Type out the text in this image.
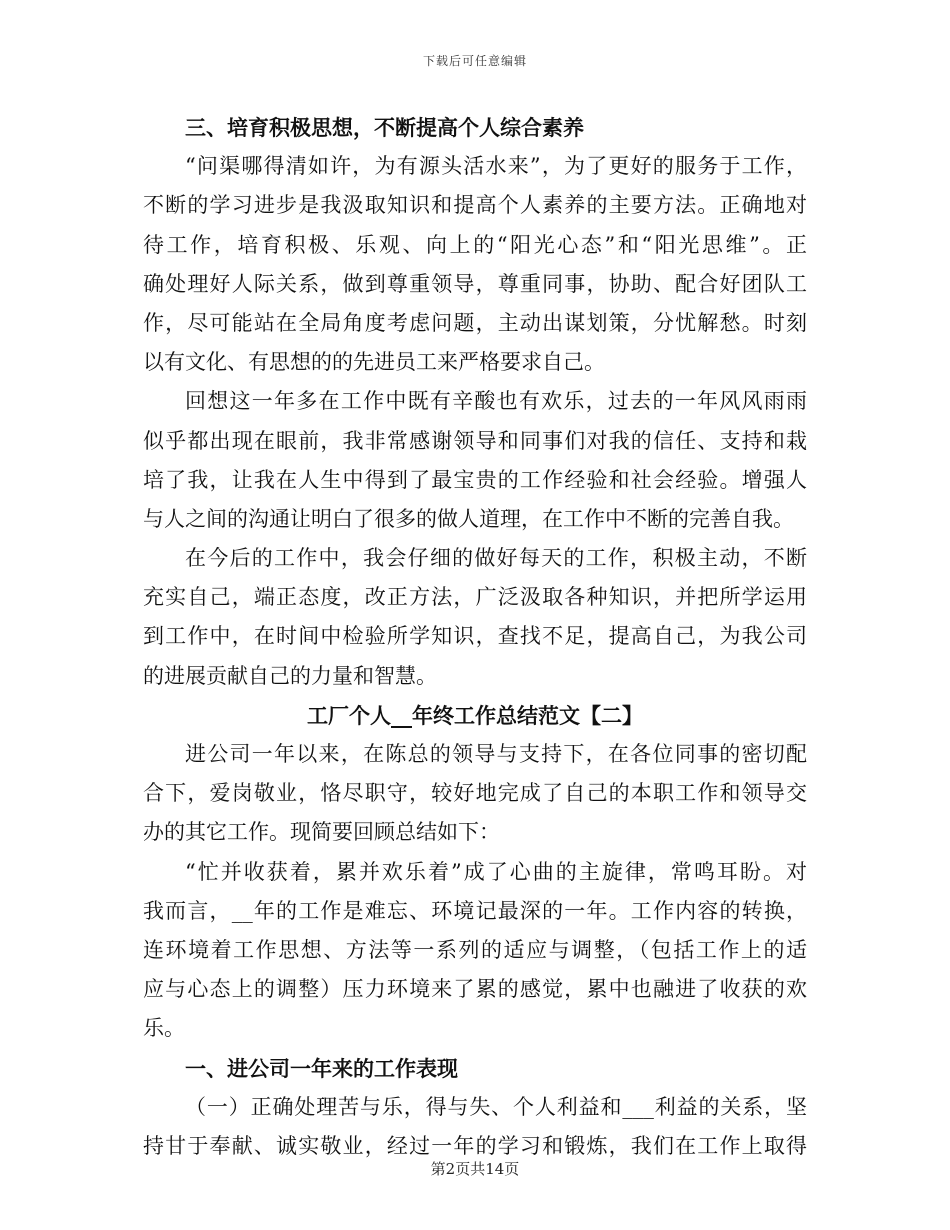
下载后可任意编辑
三、培育积极思想，不断提高个人综合素养
“问渠哪得清如许，为有源头活水来”，为了更好的服务于工作，
不断的学习进步是我汲取知识和提高个人素养的主要方法。正确地对
待工作，培育积极、乐观、向上的“阳光心态”和“阳光思维”。正
确处理好人际关系，做到尊重领导，尊重同事，协助、配合好团队工
作，尽可能站在全局角度考虑问题，主动出谋划策，分忧解愁。时刻
以有文化、有思想的的先进员工来严格要求自己。
回想这一年多在工作中既有辛酸也有欢乐，过去的一年风风雨雨
似乎都出现在眼前，我非常感谢领导和同事们对我的信任、支持和栽
培了我，让我在人生中得到了最宝贵的工作经验和社会经验。增强人
与人之间的沟通让明白了很多的做人道理，在工作中不断的完善自我。
在今后的工作中，我会仔细的做好每天的工作，积极主动，不断
充实自己，端正态度，改正方法，广泛汲取各种知识，并把所学运用
到工作中，在时间中检验所学知识，查找不足，提高自己，为我公司
的进展贡献自己的力量和智慧。
工厂个人__年终工作总结范文【二】
进公司一年以来，在陈总的领导与支持下，在各位同事的密切配
合下，爱岗敬业，恪尽职守，较好地完成了自己的本职工作和领导交
办的其它工作。现简要回顾总结如下：
“忙并收获着，累并欢乐着”成了心曲的主旋律，常鸣耳盼。对
我而言，__年的工作是难忘、环境记最深的一年。工作内容的转换，
连环境着工作思想、方法等一系列的适应与调整，（包括工作上的适
应与心态上的调整）压力环境来了累的感觉，累中也融进了收获的欢
乐。
一、进公司一年来的工作表现
（一）正确处理苦与乐，得与失、个人利益和___利益的关系，坚
持甘于奉献、诚实敬业，经过一年的学习和锻炼，我们在工作上取得
第2页共14页
